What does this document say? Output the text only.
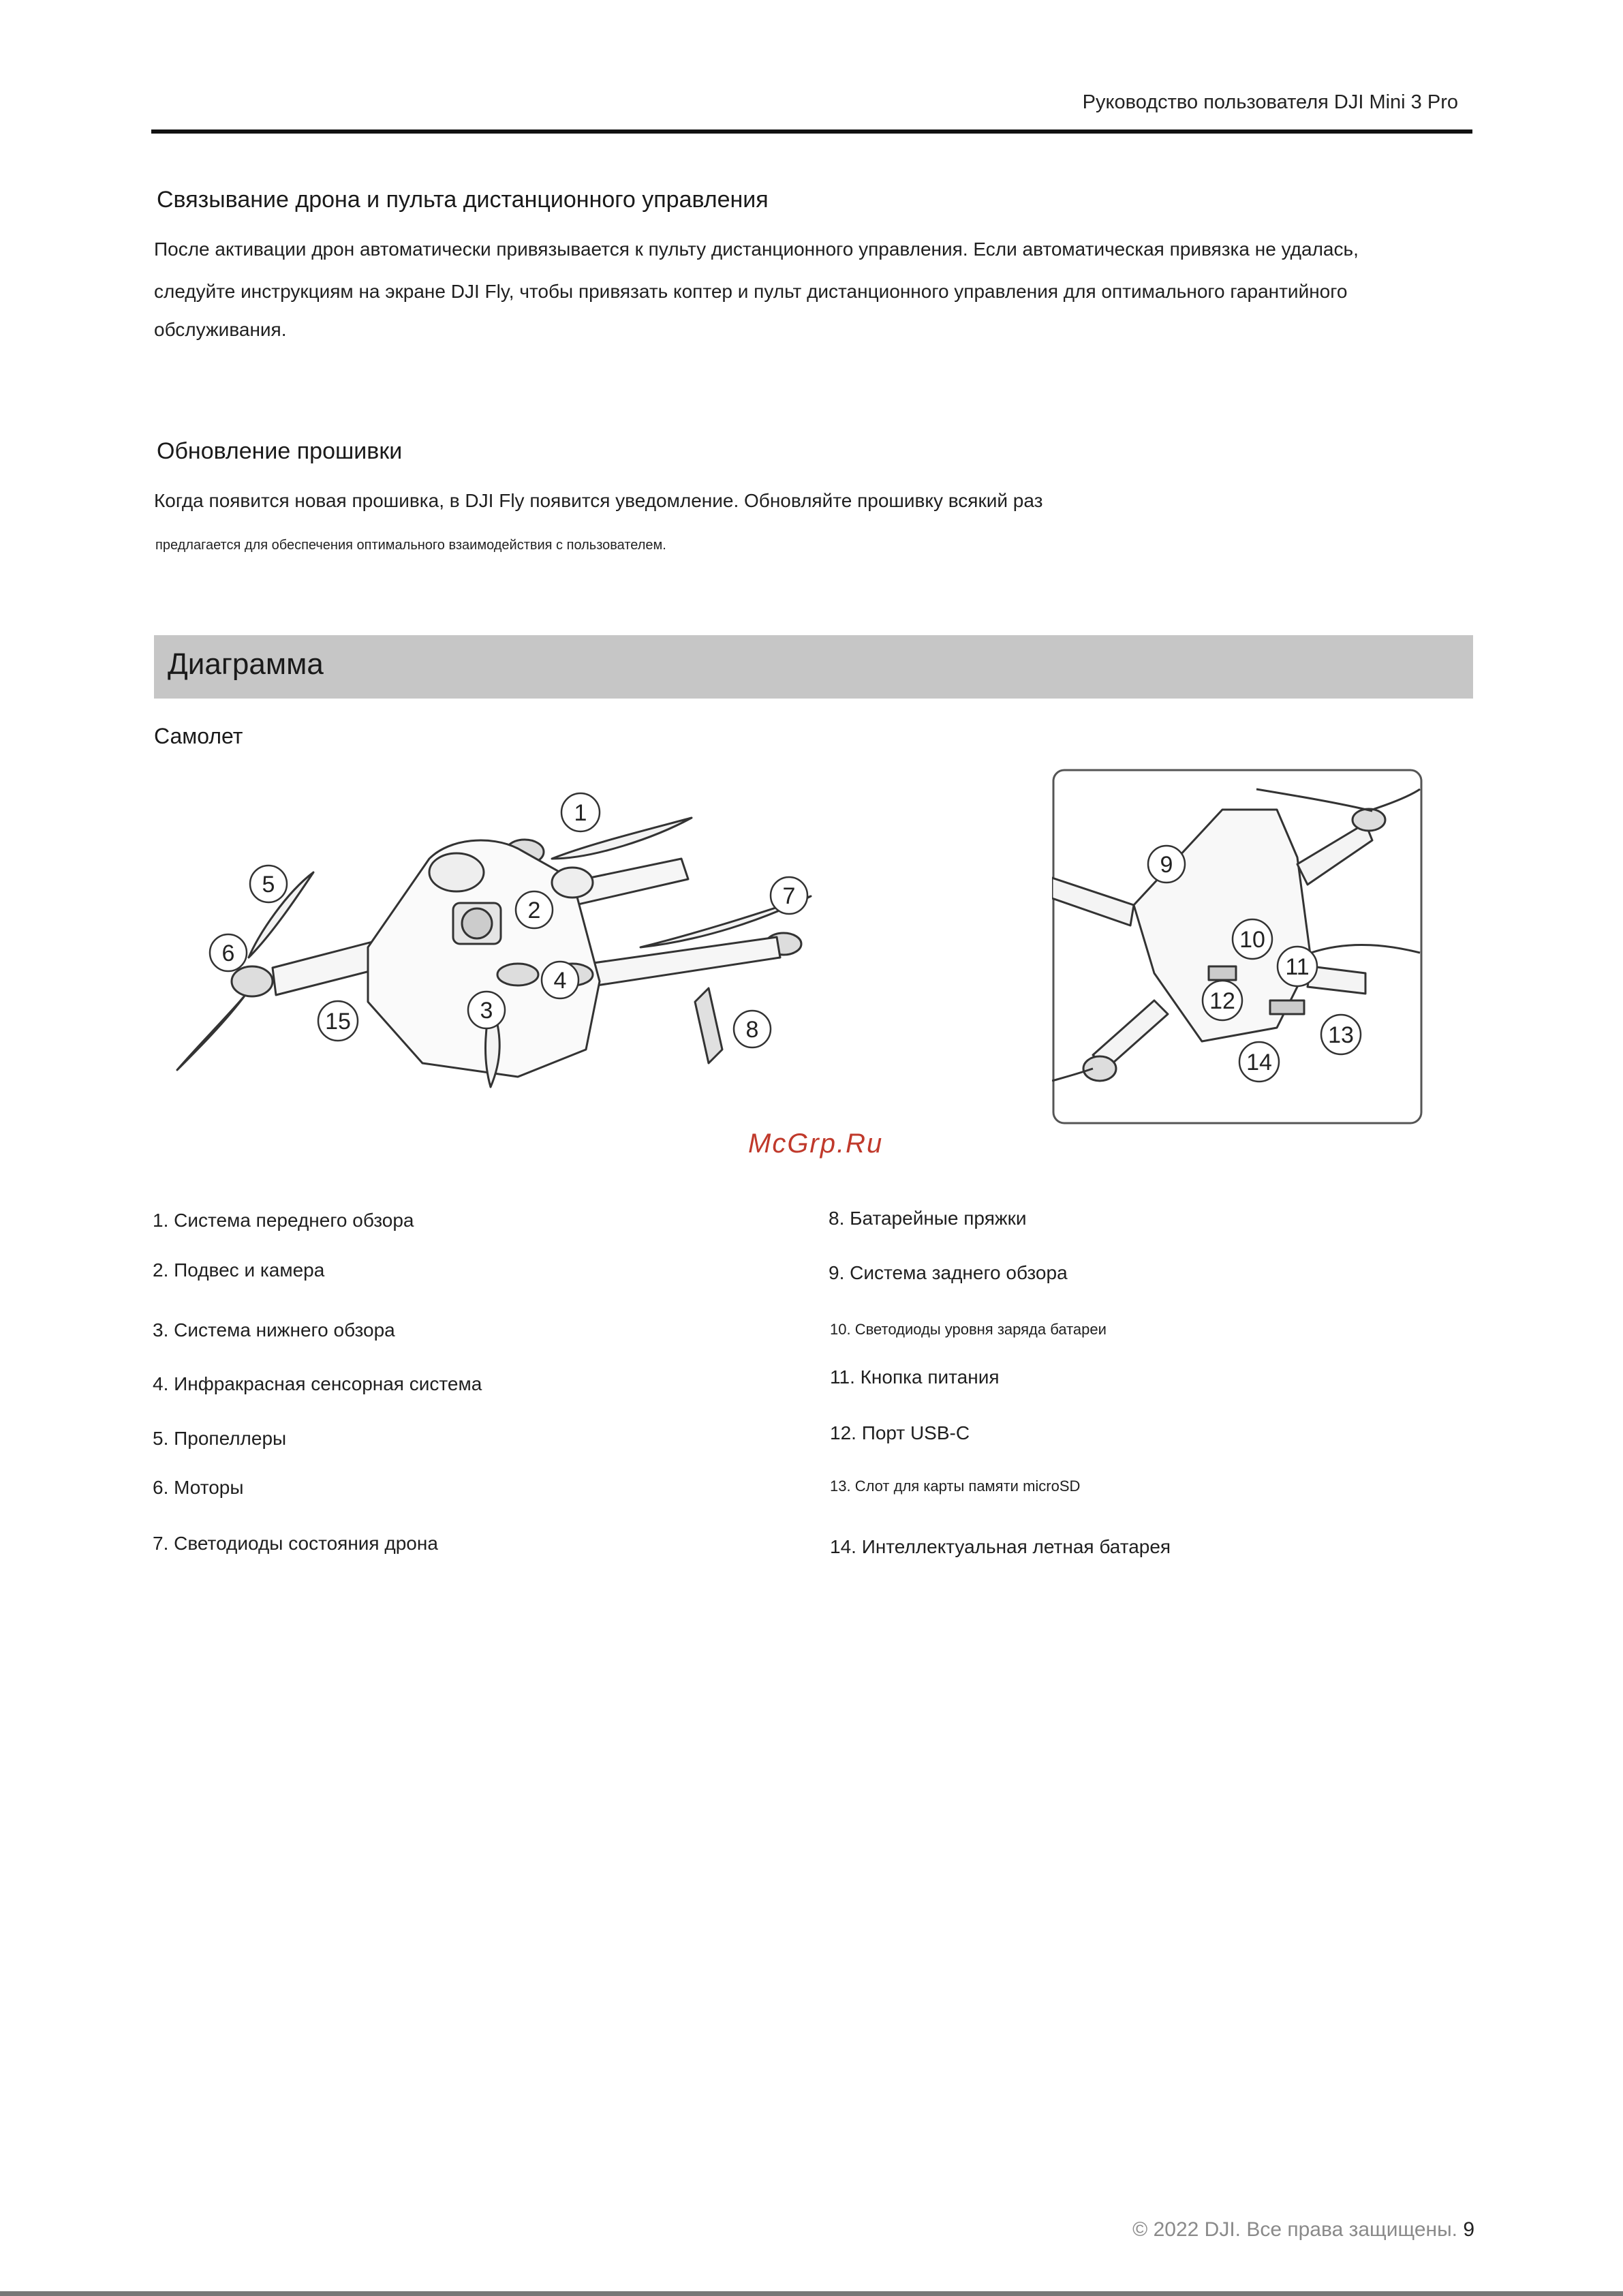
Руководство пользователя DJI Mini 3 Pro
Связывание дрона и пульта дистанционного управления
После активации дрон автоматически привязывается к пульту дистанционного управления. Если автоматическая привязка не удалась,
следуйте инструкциям на экране DJI Fly, чтобы привязать коптер и пульт дистанционного управления для оптимального гарантийного
обслуживания.
Обновление прошивки
Когда появится новая прошивка, в DJI Fly появится уведомление. Обновляйте прошивку всякий раз
предлагается для обеспечения оптимального взаимодействия с пользователем.
Диаграмма
Самолет
1
2
3
4
5
6
7
8
15
9
10
11
12
13
14
McGrp.Ru
1. Система переднего обзора
2. Подвес и камера
3. Система нижнего обзора
4. Инфракрасная сенсорная система
5. Пропеллеры
6. Моторы
7. Светодиоды состояния дрона
8. Батарейные пряжки
9. Система заднего обзора
10. Светодиоды уровня заряда батареи
11. Кнопка питания
12. Порт USB-C
13. Слот для карты памяти microSD
14. Интеллектуальная летная батарея
© 2022 DJI. Все права защищены. 9
